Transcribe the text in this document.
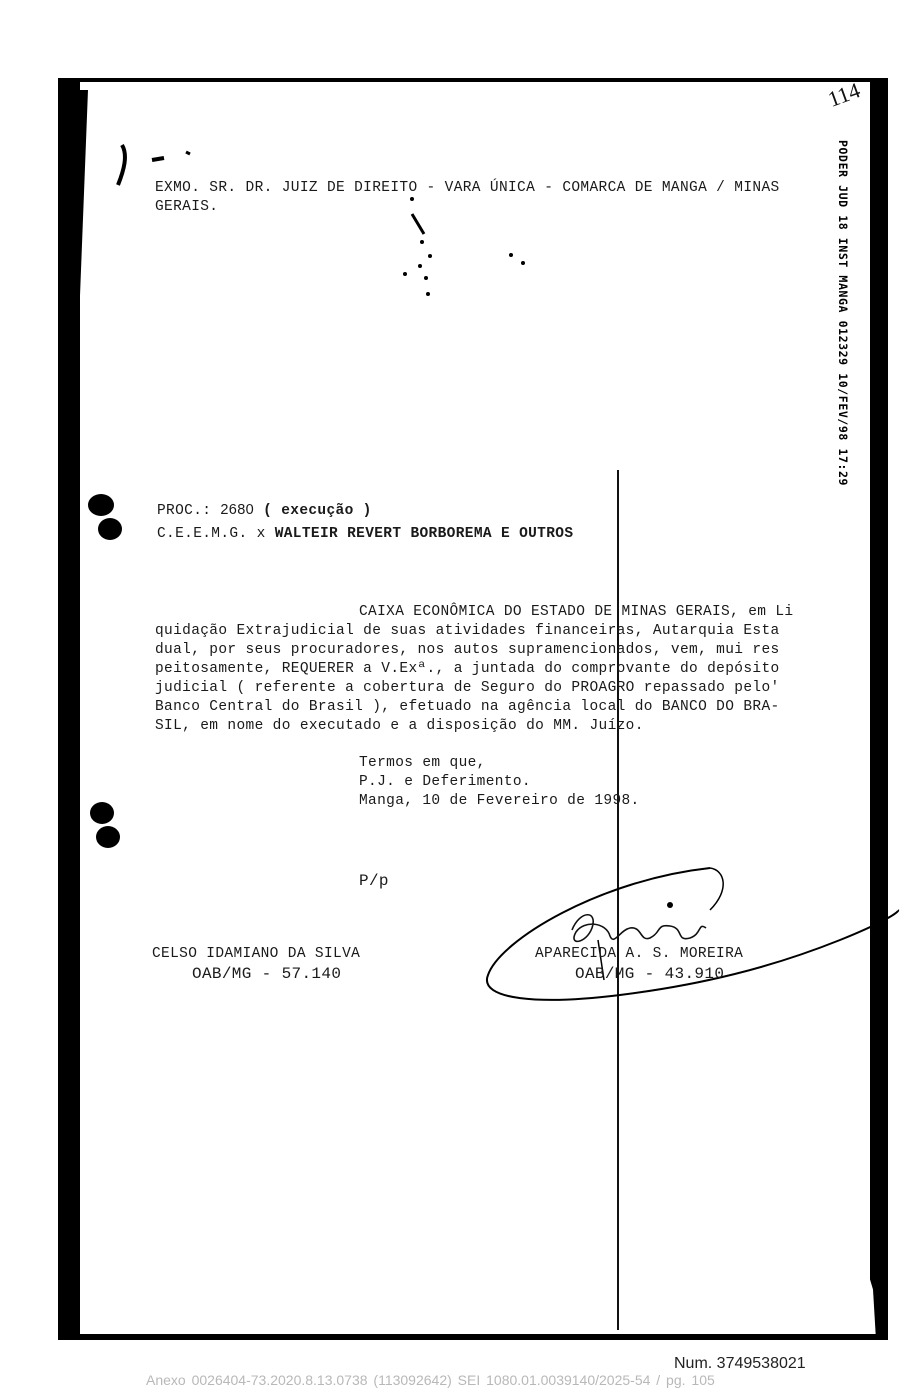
114
PODER JUD 18 INST MANGA 012329 10/FEV/98 17:29
EXMO. SR. DR. JUIZ DE DIREITO - VARA ÚNICA - COMARCA DE MANGA / MINAS
GERAIS.
PROC.: 2680 ( execução )
C.E.E.M.G. x WALTEIR REVERT BORBOREMA E OUTROS
CAIXA ECONÔMICA DO ESTADO DE MINAS GERAIS, em Li
quidação Extrajudicial de suas atividades financeiras, Autarquia Esta
dual, por seus procuradores, nos autos supramencionados, vem, mui res
peitosamente, REQUERER a V.Exª., a juntada do comprovante do depósito
judicial ( referente a cobertura de Seguro do PROAGRO repassado pelo'
Banco Central do Brasil ), efetuado na agência local do BANCO DO BRA-
SIL, em nome do executado e a disposição do MM. Juízo.
Termos em que,
P.J. e Deferimento.
Manga, 10 de Fevereiro de 1998.
P/p
CELSO IDAMIANO DA SILVA
OAB/MG - 57.140
APARECIDA A. S. MOREIRA
OAB/MG - 43.910
Num. 3749538021
Anexo 0026404-73.2020.8.13.0738 (113092642) SEI 1080.01.0039140/2025-54 / pg. 105
